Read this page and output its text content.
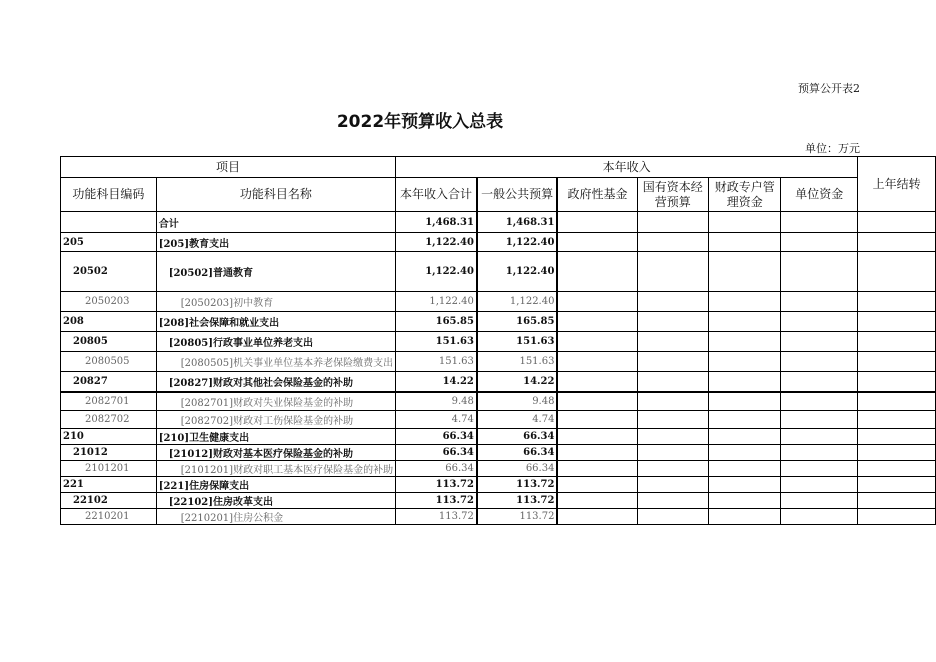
预算公开表2
2022年预算收入总表
单位：万元
项目		本年收入						上年结转
功能科目编码	功能科目名称	本年收入合计	一般公共预算	政府性基金	国有资本经营预算	财政专户管理资金	单位资金	
	合计	1,468.31	1,468.31					
205	[205]教育支出	1,122.40	1,122.40					
20502	[20502]普通教育	1,122.40	1,122.40					
2050203	[2050203]初中教育	1,122.40	1,122.40					
208	[208]社会保障和就业支出	165.85	165.85					
20805	[20805]行政事业单位养老支出	151.63	151.63					
2080505	[2080505]机关事业单位基本养老保险缴费支出	151.63	151.63					
20827	[20827]财政对其他社会保险基金的补助	14.22	14.22					
2082701	[2082701]财政对失业保险基金的补助	9.48	9.48					
2082702	[2082702]财政对工伤保险基金的补助	4.74	4.74					
210	[210]卫生健康支出	66.34	66.34					
21012	[21012]财政对基本医疗保险基金的补助	66.34	66.34					
2101201	[2101201]财政对职工基本医疗保险基金的补助	66.34	66.34					
221	[221]住房保障支出	113.72	113.72					
22102	[22102]住房改革支出	113.72	113.72					
2210201	[2210201]住房公积金	113.72	113.72					
